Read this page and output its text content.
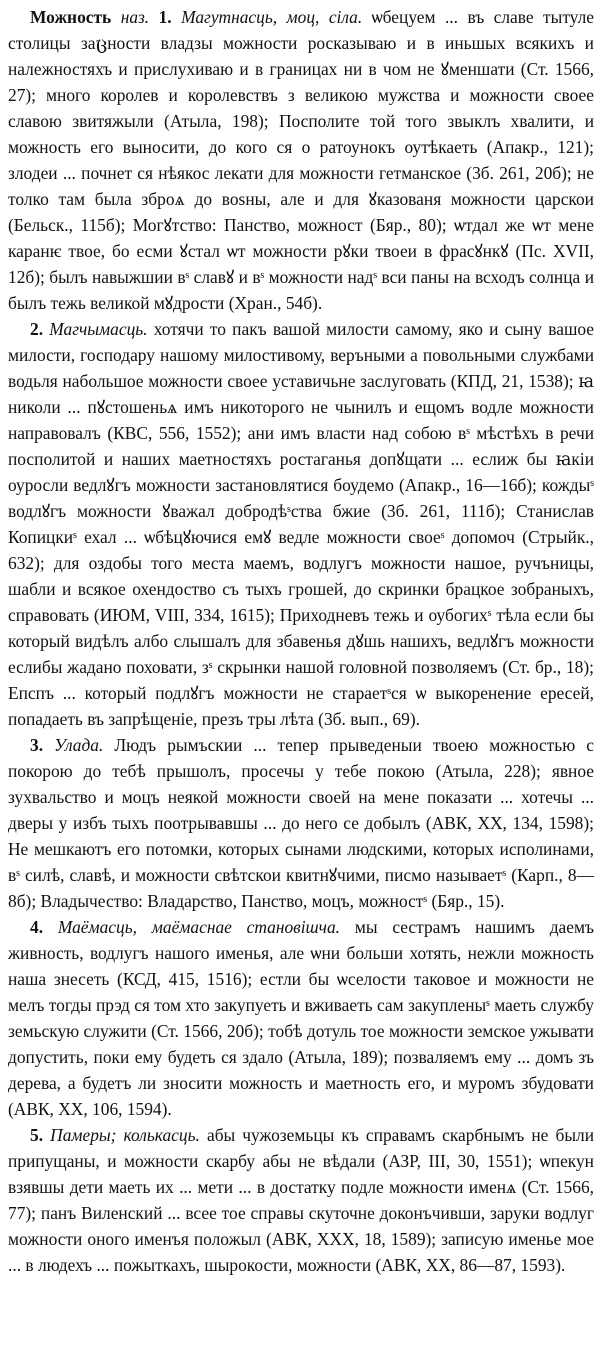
Можность наз. 1. Магутнасць, моц, сiла. ѡбецуем ... въ славе тытуле столицы заცности владзы можности росказываю и в иньшых всякихъ и належностяхъ и прислухиваю и в границах ни в чом не ꙋменшати (Ст. 1566, 27); много королев и королевствъ з великою мужства и можности своее славою звитяжыли (Атыла, 198); Посполите той того звыклъ хвалити, и можность его выносити, до кого ся о ратоунокъ оутѣкаеть (Апакр., 121); злодеи ... почнет ся нѣякос лекати для можности гетманское (3б. 261, 20б); не толко там была зброѧ до воѕны, але и для ꙋказованя можности царскои (Бельск., 115б); Могꙋтство: Панство, можност (Бяр., 80); ѡтдал же ѡт мене каранѥ твое, бо есми ꙋстал ѡт можности рꙋки твоеи в фрасꙋнкꙋ (Пс. XVII, 12б); былъ навыжшии вˢ славꙋ и вˢ можности надˢ вси паны на всходъ солнца и былъ тежь великой мꙋдрости (Хран., 54б).

2. Магчымасць. хотячи то пакъ вашой милости самому, яко и сыну вашое милости, господару нашому милостивому, веръными а повольными службами водьля набольшое можности своее уставичьне заслуговать (КПД, 21, 1538); ꙗ николи ... пꙋстошеньѧ имъ никоторого не чынилъ и ещомъ водле можности направовалъ (КВС, 556, 1552); ани имъ власти над собою вˢ мѣстѣхъ в речи посполитой и наших маетностяхъ ростаганья допꙋщати ... еслиж бы ꙗкіи оуросли ведлꙋгъ можности застановлятися боудемо (Апакр., 16—16б); кождыˢ водлꙋгъ можности ꙋважал добродѣˢства бжие (3б. 261, 111б); Станислав Копицкиˢ ехал ... ѡбѣцꙋючися емꙋ ведле можности своеˢ допомоч (Стрыйк., 632); для оздобы того места маемъ, водлугъ можности нашое, ручъницы, шабли и всякое охендоство съ тыхъ грошей, до скринки брацкое зобраныхъ, справовать (ИЮМ, VIII, 334, 1615); Приходневъ тежь и оубогихˢ тѣла если бы который видѣлъ албо слышалъ для збавенья дꙋшь нашихъ, ведлꙋгъ можности еслибы жадано поховати, зˢ скрынки нашой головной позволяемъ (Ст. бр., 18); Епспъ ... который подлꙋгъ можности не стараетˢся ѡ выкоренение ересей, попадаеть въ запрѣщеніе, презъ тры лѣта (3б. вып., 69).

3. Улада. Людъ рымъскии ... тепер прыведеныи твоею можностью с покорою до тебѣ прышолъ, просечы у тебе покою (Атыла, 228); явное зухвальство и моцъ неякой можности своей на мене показати ... хотечы ... дверы у избъ тыхъ поотрывавшы ... до него се добылъ (АВК, XX, 134, 1598); Не мешкаютъ его потомки, которых сынами людскими, которых исполинами, вˢ силѣ, славѣ, и можности свѣтскои квитнꙋчими, писмо называетˢ (Карп., 8—8б); Владычество: Владарство, Панство, моцъ, можностˢ (Бяр., 15).

4. Маёмасць, маёмаснае становішча. мы сестрамъ нашимъ даемъ живность, водлугъ нашого именья, але ѡни больши хотять, нежли можность наша знесеть (КСД, 415, 1516); естли бы ѡселости таковое и можности не мелъ тогды прэд ся том хто закупуеть и вживаеть сам закупленыˢ маеть службу земьскую служити (Ст. 1566, 20б); тобѣ дотуль тое можности земское ужывати допустить, поки ему будеть ся здало (Атыла, 189); позваляемъ ему ... домъ зъ дерева, а будетъ ли зносити можность и маетность его, и муромъ збудовати (АВК, XX, 106, 1594).

5. Памеры; колькасць. абы чужоземьцы къ справамъ скарбнымъ не были припущаны, и можности скарбу абы не вѣдали (АЗР, III, 30, 1551); ѡпекун взявшы дети маеть их ... мети ... в достатку подле можности именѧ (Ст. 1566, 77); панъ Виленский ... всее тое справы скуточне доконъчивши, заруки водлуг можности оного именъя положыл (АВК, XXX, 18, 1589); записую именье мое ... в людехъ ... пожыткахъ, шырокости, можности (АВК, XX, 86—87, 1593).
